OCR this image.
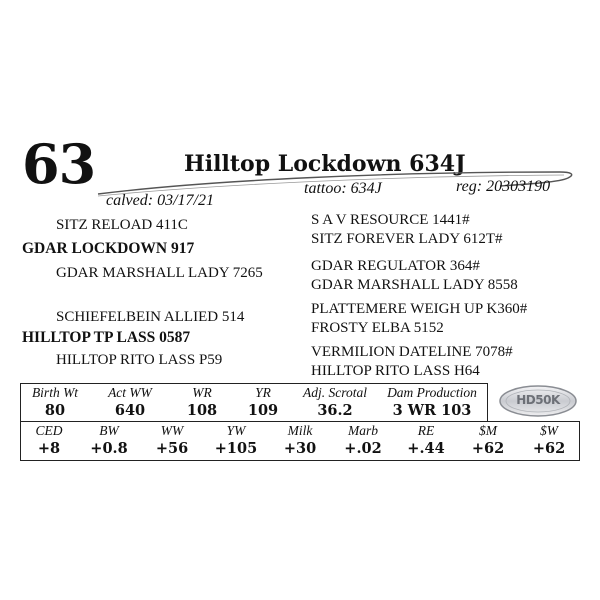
63	Hilltop Lockdown 634J
tattoo: 634J	reg: 20303190
calved: 03/17/21
SITZ RELOAD 411C
GDAR LOCKDOWN 917
GDAR MARSHALL LADY 7265
SCHIEFELBEIN ALLIED 514
HILLTOP TP LASS 0587
HILLTOP RITO LASS P59
S A V RESOURCE 1441#
SITZ FOREVER LADY 612T#
GDAR REGULATOR 364#
GDAR MARSHALL LADY 8558
PLATTEMERE WEIGH UP K360#
FROSTY ELBA 5152
VERMILION DATELINE 7078#
HILLTOP RITO LASS H64
Birth Wt	Act WW	WR	YR	Adj. Scrotal	Dam Production
80	640	108	109	36.2	3 WR 103
HD50K
CED	BW	WW	YW	Milk	Marb	RE	$M	$W
+8	+0.8	+56	+105	+30	+.02	+.44	+62	+62
